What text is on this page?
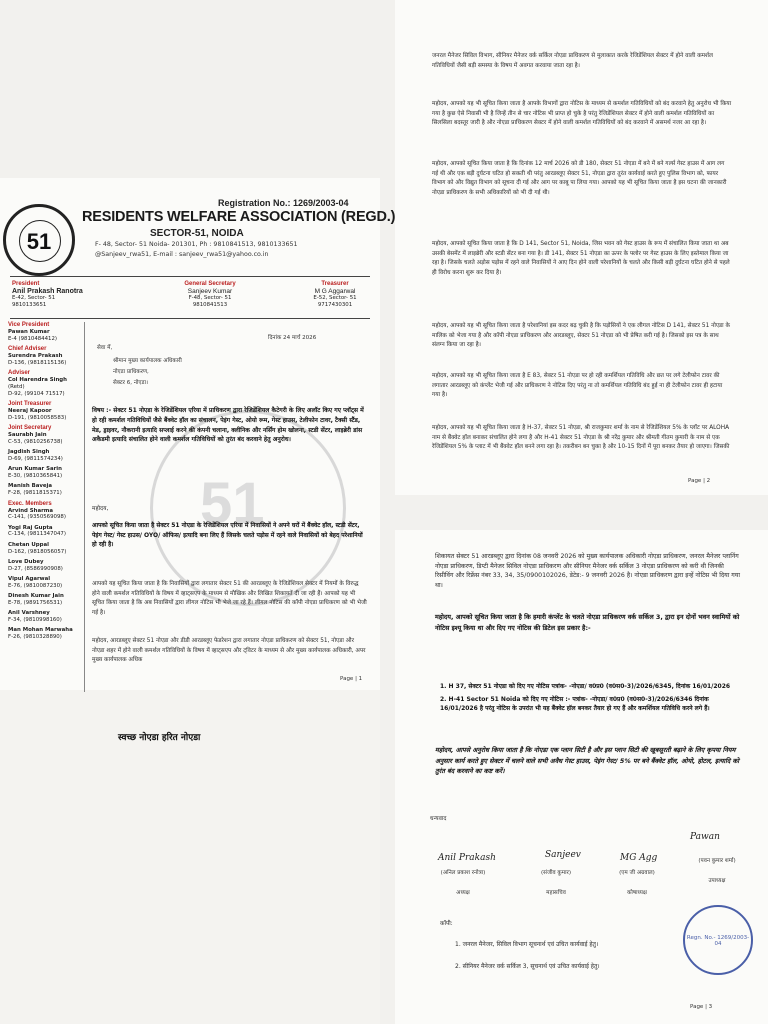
51
Registration No.: 1269/2003-04
RESIDENTS WELFARE ASSOCIATION (REGD.)
SECTOR-51, NOIDA
F- 48, Sector- 51 Noida- 201301, Ph : 9810841513, 9810133651
@Sanjeev_rwa51, E-mail : sanjeev_rwa51@yahoo.co.in
President
Anil Prakash Ranotra
E-42, Sector- 51
9810133651
General Secretary
Sanjeev Kumar
F-48, Sector- 51
9810841513
Treasurer
M G Aggarwal
E-52, Sector- 51
9717430301
Vice President
Pawan Kumar
E-4 (9810484412)
Chief Adviser
Surendra Prakash
D-136, (9818115136)
Adviser
Col Harendra Singh
(Retd)
D-92, (99104 71517)
Joint Treasurer
Neeraj Kapoor
D-191, (9810058583)
Joint Secretary
Saurabh Jain
C-53, (9810256738)
Jagdish Singh
D-69, (9811574234)
Arun Kumar Sarin
E-30, (9810365841)
Manish Baveja
F-28, (9811815371)
Exec. Members
Arvind Sharma
C-141, (9350569098)
Yogi Raj Gupta
C-134, (9811347047)
Chetan Uppal
D-162, (9818056057)
Love Dubey
D-27, (8586990908)
Vipul Agarwal
E-76, (9810087230)
Dinesh Kumar Jain
E-78, (9891756531)
Anil Varshney
F-34, (9810998160)
Man Mohan Marwaha
F-26, (9810328890)
51
दिनांक 24 मार्च 2026
सेवा में,
श्रीमान मुख्य कार्यपालक अधिकारी
नोएडा प्राधिकरण,
सेक्टर 6, नोएडा।
विषय :- सेक्टर 51 नोएडा के रेजिडेंशियल एरिया में प्राधिकरण द्वारा रेजिडेंशियल कैटेगरी के लिए अलॉट किए गए प्लॉट्स में हो रही कमर्शल गतिविधियों जैसे बैंक्वेट हॉल का संचालन, पेइंग गेस्ट, ओयो रूम, गेस्ट हाउस, टेलीफोन टावर, टैक्सी स्टैंड, मेड, ड्राइवर, नौकरानी इत्यादि सप्लाई करने की कंपनी चलाना, क्लीनिक और नर्सिंग होम खोलना, स्टडी सेंटर, लाइब्रेरी डांस अकैडमी इत्यादि संचालित होने वाली कमर्शल गतिविधियों को तुरंत बंद करवाने हेतु अनुरोध।
महोदय,
आपको सूचित किया जाता है सेक्टर 51 नोएडा के रेजिडेंशियल एरिया में निवासियों ने अपने घरों में बैंक्वेट हॉल, स्टडी सेंटर, पेइंग गेस्ट/ गेस्ट हाउस/ OYO/ ऑफिस/ इत्यादि बना लिए हैं जिसके चलते पड़ोस में रहने वाले निवासियों को बेहद परेशानियों हो रही है।
आपको यह सूचित किया जाता है कि निवासियों द्वारा लगातार सेक्टर 51 की आरडब्लूए के रेजिडेंशियल सेक्टर में नियमों के विरुद्ध होने वाली कमर्शल गतिविधियों के विषय में व्हाट्सएप के माध्यम से मौखिक और लिखित शिकायतें दी जा रही हैं। आपको यह भी सूचित किया जाता है कि अब निवासियों द्वारा लीगल नोटिस भी भेजे जा रहे हैं। लीगल नोटिस की कॉपी नोएडा प्राधिकरण को भी भेजी गई है।
महोदय, आरडब्लूए सेक्टर 51 नोएडा और डीडी आरडब्लूए फेडरेशन द्वारा लगातार नोएडा प्राधिकरण को सेक्टर 51, नोएडा और नोएडा शहर में होने वाली कमर्शल गतिविधियों के विषय में व्हाट्सएप और ट्विटर के माध्यम से और मुख्य कार्यपालक अधिकारी, अपर मुख्य कार्यपालक अधिक
Page | 1
स्वच्छ नोएडा हरित नोएडा
जनरल मैनेजर सिविल विभाग, सीनियर मैनेजर वर्क सर्किल नोएडा प्राधिकरण से मुलाकात करके रेजिडेंशियल सेक्टर में होने वाली कमर्शल गतिविधियों जैसी बड़ी समस्या के विषय में अवगत करवाया जाता रहा है।
महोदय, आपको यह भी सूचित किया जाता है आपके विभागों द्वारा नोटिस के माध्यम से कमर्शल गतिविधियों को बंद करवाने हेतु अनुरोध भी किया गया है कुछ ऐसे निवासी भी है जिन्हें तीन से चार नोटिस भी प्राप्त हो चुके है परंतु रेजिडेंशियल सेक्टर में होने वाली कमर्शल गतिविधियों का सिलसिला बदस्तूर जारी है और नोएडा प्राधिकरण सेक्टर में होने वाली कमर्शल गतिविधियों को बंद करवाने में असमर्थ नजर आ रहा है।
महोदय, आपको सूचित किया जाता है कि दिनांक 12 मार्च 2026 को डी 180, सेक्टर 51 नोएडा में बने में बने गर्ल्स गेस्ट हाउस में आग लग गई थी और एक बड़ी दुर्घटना घटित हो सकती थी परंतु आरडब्लूए सेक्टर 51, नोएडा द्वारा तुरंत कार्यवाई करते हुए पुलिस विभाग को, फायर विभाग को और विद्युत विभाग को सूचना दी गई और आग पर काबू पा लिया गया। आपको यह भी सूचित किया जाता है इस घटना की जानकारी नोएडा प्राधिकरण के सभी अधिकारियों को भी दी गई थी।
महोदय, आपको सूचित किया जाता है कि D 141, Sector 51, Noida, जिस भवन को गेस्ट हाउस के रूप में संचालित किया जाता था अब उसकी बेसमेंट में लाइब्रेरी और स्टडी सेंटर बना गया है। डी 141, सेक्टर 51 नोएडा का ऊपर के फ्लोर पर गेस्ट हाउस के लिए इस्तेमाल किया जा रहा है। जिसके चलते अड़ोस पड़ोस में रहने वाले निवासियों ने आए दिन होने वाली परेशानियों के चलते और किसी बड़ी दुर्घटना घटित होने से पहले ही विरोध करना शुरू कर दिया है।
महोदय, आपको यह भी सूचित किया जाता है परेशानियां इस कदर बढ़ चुकी है कि पड़ोसियों ने एक लीगल नोटिस D 141, सेक्टर 51 नोएडा के मालिक को भेजा गया है और कॉपी नोएडा प्राधिकरण और आरडब्लूए, सेक्टर 51 नोएडा को भी प्रेषित करी गई है। जिसको इस पत्र के साथ संलग्न किया जा रहा है।
महोदय, आपको यह भी सूचित किया जाता है E 83, सेक्टर 51 नोएडा पर हो रही कमर्शियल गतिविधि और छत पर लगे टेलीफोन टावर की लगातार आरडब्लूए को कंप्लेंट भेजी गई और प्राधिकरण ने नोटिस दिए परंतु ना तो कमर्शियल गतिविधि बंद हुई ना ही टेलीफोन टावर ही हटाया गया है।
महोदय, आपको यह भी सूचित किया जाता है H-37, सेक्टर 51 नोएडा, श्री राजकुमार शर्मा के नाम से रेजिडेंशियल 5% के प्लॉट पर ALOHA नाम से बैंक्वेट हॉल बनाकर संचालित होने लगा है और H-41 सेक्टर 51 नोएडा के श्री नरेंद्र कुमार और श्रीमती गीतम कुमारी के नाम से एक रेजिडेंशियल 5% के प्लाट में भी बैंक्वेट हॉल बनने लगा रहा है। तकरीबन बन चुका है और 10-15 दिनों में पूरा बनकर तैयार हो जाएगा। जिसकी
Page | 2
शिकायत सेक्टर 51 आरडब्लूए द्वारा दिनांक 08 जनवरी 2026 को मुख्य कार्यपालक अधिकारी नोएडा प्राधिकरण, जनरल मैनेजर प्लानिंग नोएडा प्राधिकरण, डिप्टी मैनेजर सिविल नोएडा प्राधिकरण और सीनियर मैनेजर वर्क सर्किल 3 नोएडा प्राधिकरण को करी थी जिनकी रिसीविंग और रिफ्रेंस नंबर 33, 34, 35/0900102026, डेटेड:- 9 जनवरी 2026 है। नोएडा प्राधिकरण द्वारा इन्हें नोटिस भी दिया गया था।
महोदय, आपको सूचित किया जाता है कि हमारी कंप्लेंट के चलते नोएडा प्राधिकरण वर्क सर्किल 3, द्वारा इन दोनों भवन स्वामियों को नोटिस इश्यू किया था और दिए गए नोटिस की डिटेल इस प्रकार है:-
1. H 37, सेक्टर 51 नोएडा को दिए गए नोटिस पत्रांक- -नोएडा/ व0प्र0 (व0स0-3)/2026/6345, दिनांक 16/01/2026
2. H-41 Sector 51 Noida को दिए गए नोटिस :- पत्रांक- -नोएडा/ व0प्र0 (व0स0-3)/2026/6346 दिनांक 16/01/2026 है परंतु नोटिस के उपरांत भी यह बैंक्वेट हॉल बनकर तैयार हो गए हैं और कमर्शियल गतिविधि करने लगे हैं।
महोदय, आपसे अनुरोध किया जाता है कि नोएडा एक प्लान सिटी है और इस प्लान सिटी की खूबसूरती बढ़ाने के लिए कृपया नियम अनुसार कार्य करते हुए सेक्टर में चलने वाले सभी अवैध गेस्ट हाउस, पेइंग गेस्ट/ 5% पर बने बैंक्वेट हॉल, ओयो, होटल, इत्यादि को तुरंत बंद करवाने का कष्ट करें।
धन्यवाद
Anil Prakash	Sanjeev	MG Agg
Pawan
(अनिल प्रकाश रनोत्रा)
अध्यक्ष
(संजीव कुमार)
महासचिव
(एम जी अग्रवाल)
कोषाध्यक्ष
(पवन कुमार शर्मा)
उपाध्यक्ष
कॉपी:
1. जनरल मैनेजर, सिविल विभाग सूचनार्थ एवं उचित कार्यवाई हेतु।
2. सीनियर मैनेजर वर्क सर्किल 3, सूचनार्थ एवं उचित कार्यवाई हेतु।
Regn. No.- 1269/2003-04
Page | 3
